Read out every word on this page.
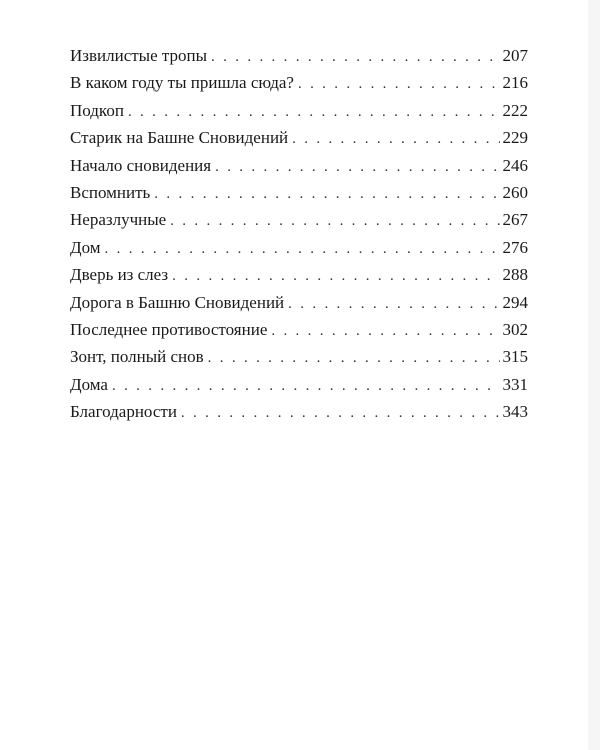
Извилистые тропы . . .	207
В каком году ты пришла сюда? . . .	216
Подкоп . . .	222
Старик на Башне Сновидений . . .	229
Начало сновидения . . .	246
Вспомнить . . .	260
Неразлучные . . .	267
Дом . . .	276
Дверь из слез . . .	288
Дорога в Башню Сновидений . . .	294
Последнее противостояние . . .	302
Зонт, полный снов . . .	315
Дома . . .	331
Благодарности . . .	343
